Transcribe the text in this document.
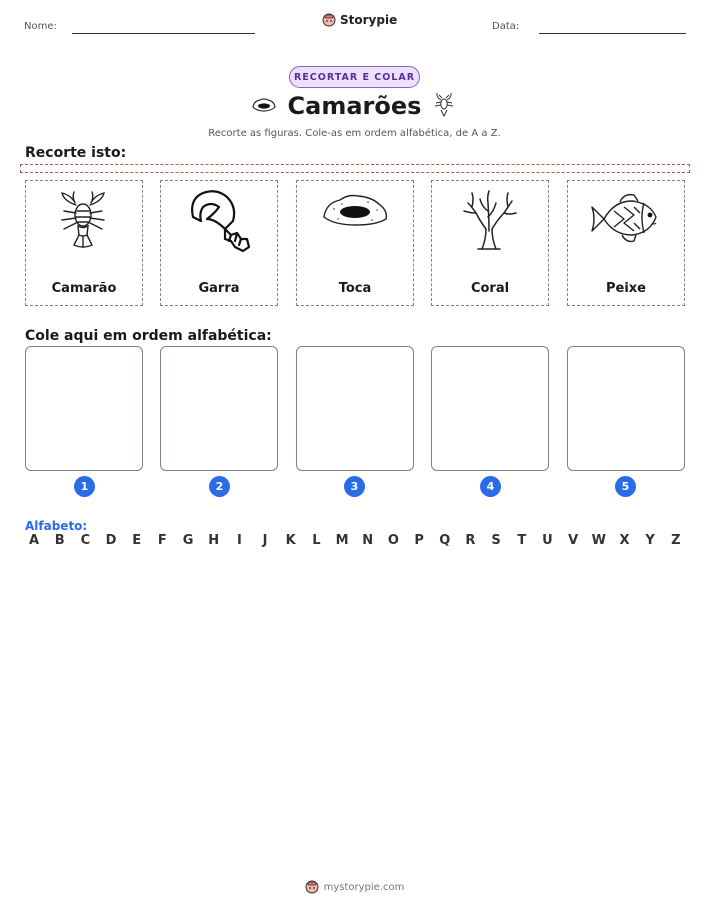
Nome:	Storypie	Data:
RECORTAR E COLAR
Camarões
Recorte as figuras. Cole-as em ordem alfabética, de A a Z.
Recorte isto:
Camarão	Garra	Toca	Coral	Peixe
Cole aqui em ordem alfabética:
1	2	3	4	5
Alfabeto:
A	B	C	D	E	F	G H	I	J	K	L	M N O	P	Q	R	S	T	U	V	W	X	Y	Z
mystorypie.com
